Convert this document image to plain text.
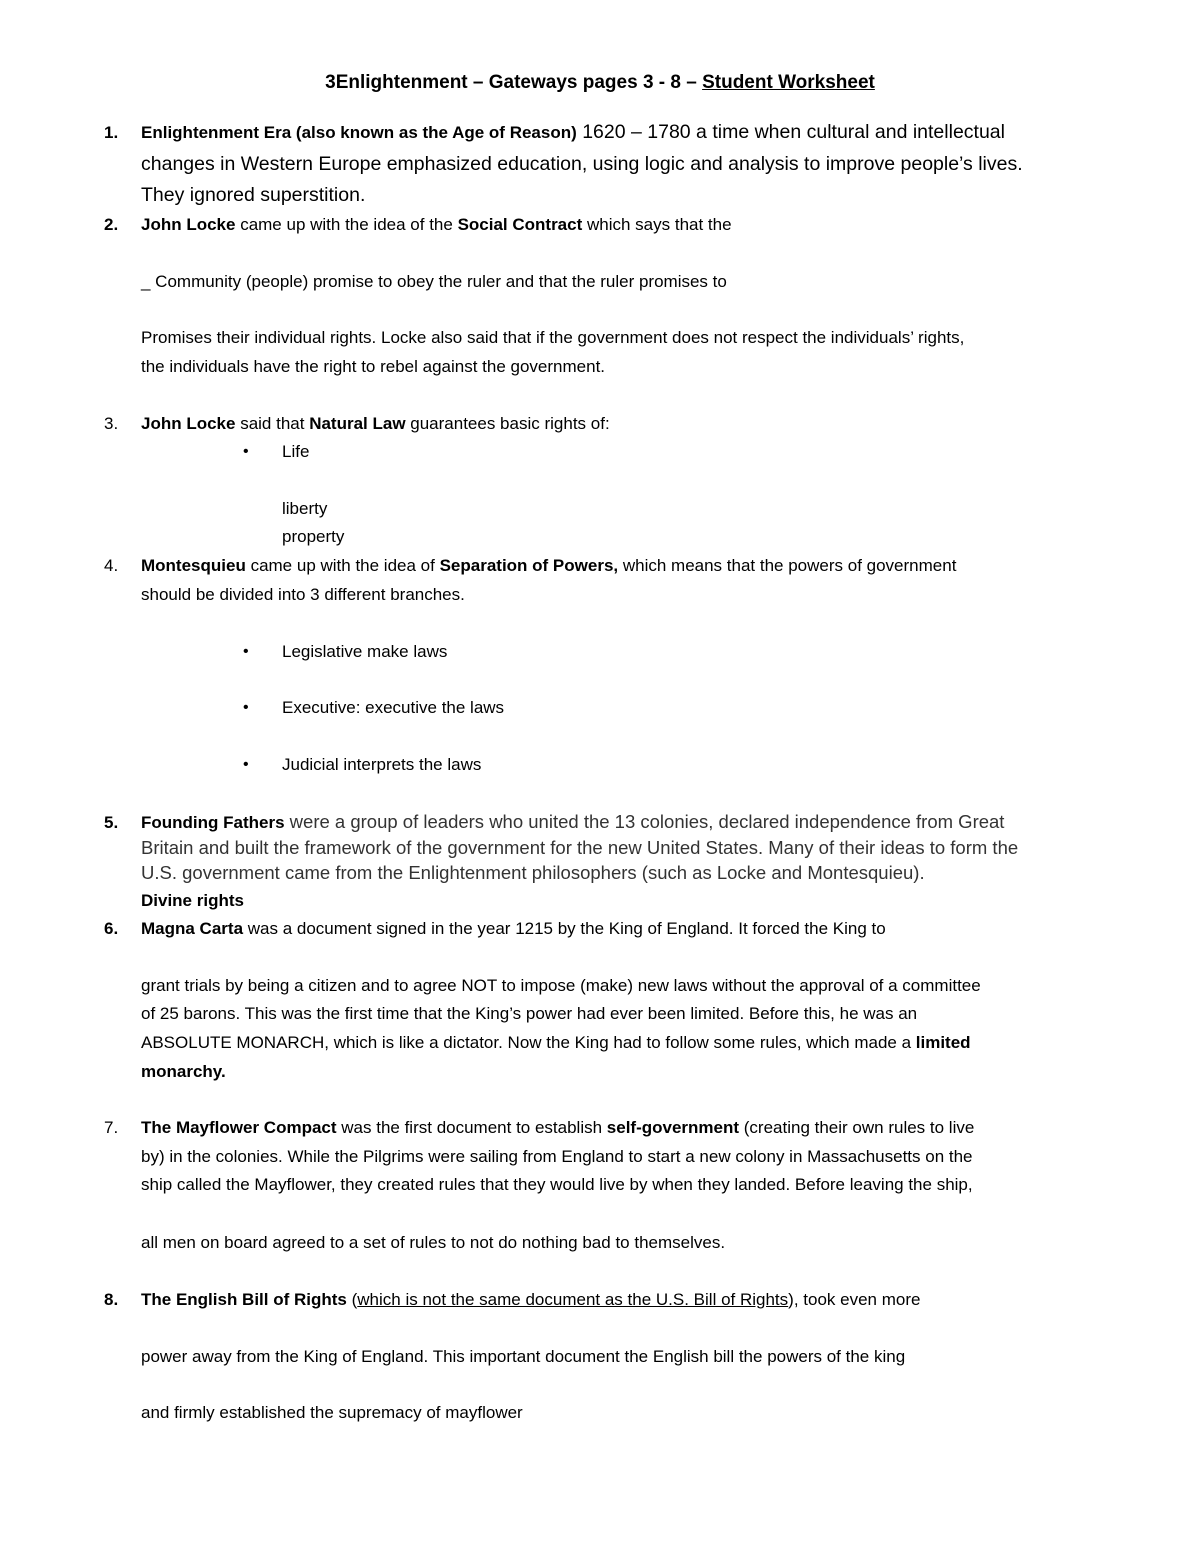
3Enlightenment – Gateways pages 3 - 8 – Student Worksheet
1. Enlightenment Era (also known as the Age of Reason) 1620 – 1780 a time when cultural and intellectual
changes in Western Europe emphasized education, using logic and analysis to improve people’s lives.
They ignored superstition.
2. John Locke came up with the idea of the Social Contract which says that the
_ Community (people) promise to obey the ruler and that the ruler promises to
Promises their individual rights. Locke also said that if the government does not respect the individuals’ rights,
the individuals have the right to rebel against the government.
3. John Locke said that Natural Law guarantees basic rights of:
• Life
liberty
property
4. Montesquieu came up with the idea of Separation of Powers, which means that the powers of government
should be divided into 3 different branches.
• Legislative make laws
• Executive: executive the laws
• Judicial interprets the laws
5. Founding Fathers were a group of leaders who united the 13 colonies, declared independence from Great
Britain and built the framework of the government for the new United States. Many of their ideas to form the
U.S. government came from the Enlightenment philosophers (such as Locke and Montesquieu).
Divine rights
6. Magna Carta was a document signed in the year 1215 by the King of England. It forced the King to
grant trials by being a citizen and to agree NOT to impose (make) new laws without the approval of a committee
of 25 barons. This was the first time that the King’s power had ever been limited. Before this, he was an
ABSOLUTE MONARCH, which is like a dictator. Now the King had to follow some rules, which made a limited
monarchy.
7. The Mayflower Compact was the first document to establish self-government (creating their own rules to live
by) in the colonies. While the Pilgrims were sailing from England to start a new colony in Massachusetts on the
ship called the Mayflower, they created rules that they would live by when they landed. Before leaving the ship,
all men on board agreed to a set of rules to not do nothing bad to themselves.
8. The English Bill of Rights (which is not the same document as the U.S. Bill of Rights), took even more
power away from the King of England. This important document the English bill the powers of the king
and firmly established the supremacy of mayflower
